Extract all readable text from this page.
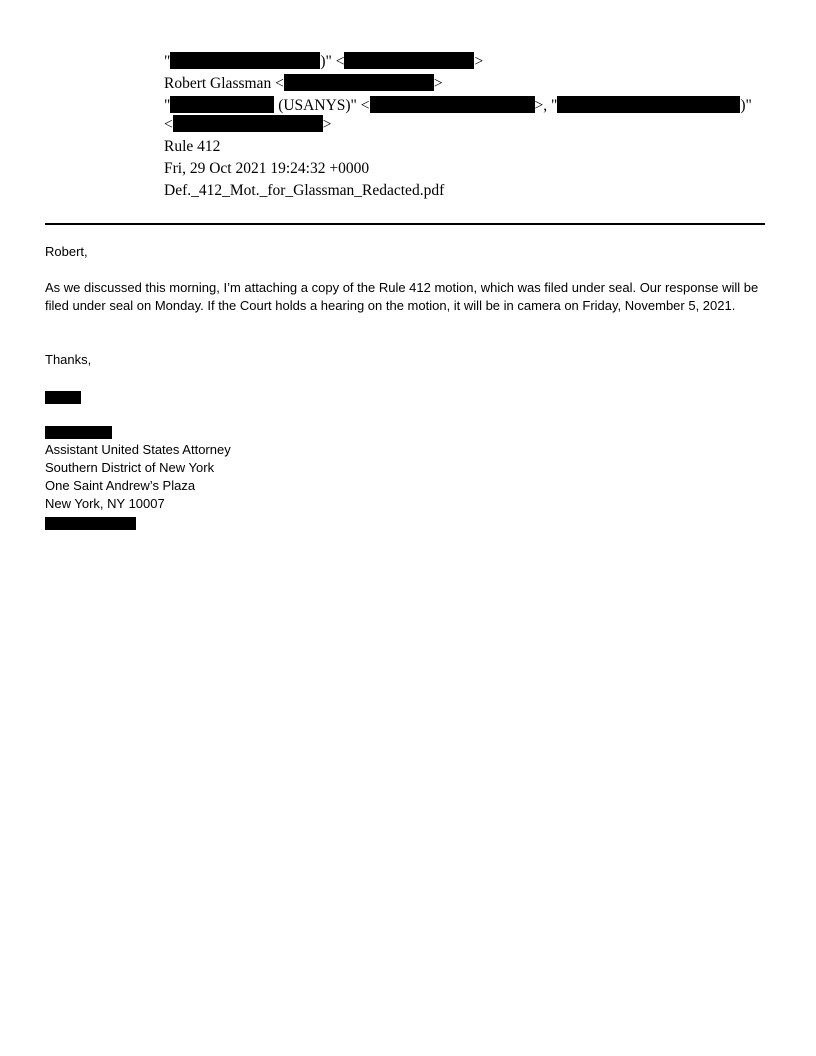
"	)" <	>
Robert Glassman <	>
"	(USANYS)" <	>, "	)"
<	>
Rule 412
Fri, 29 Oct 2021 19:24:32 +0000
Def._412_Mot._for_Glassman_Redacted.pdf

Robert,

As we discussed this morning, I’m attaching a copy of the Rule 412 motion, which was filed under seal. Our response will be filed under seal on Monday. If the Court holds a hearing on the motion, it will be in camera on Friday, November 5, 2021.

Thanks,

Assistant United States Attorney

Southern District of New York

One Saint Andrew’s Plaza

New York, NY 10007
